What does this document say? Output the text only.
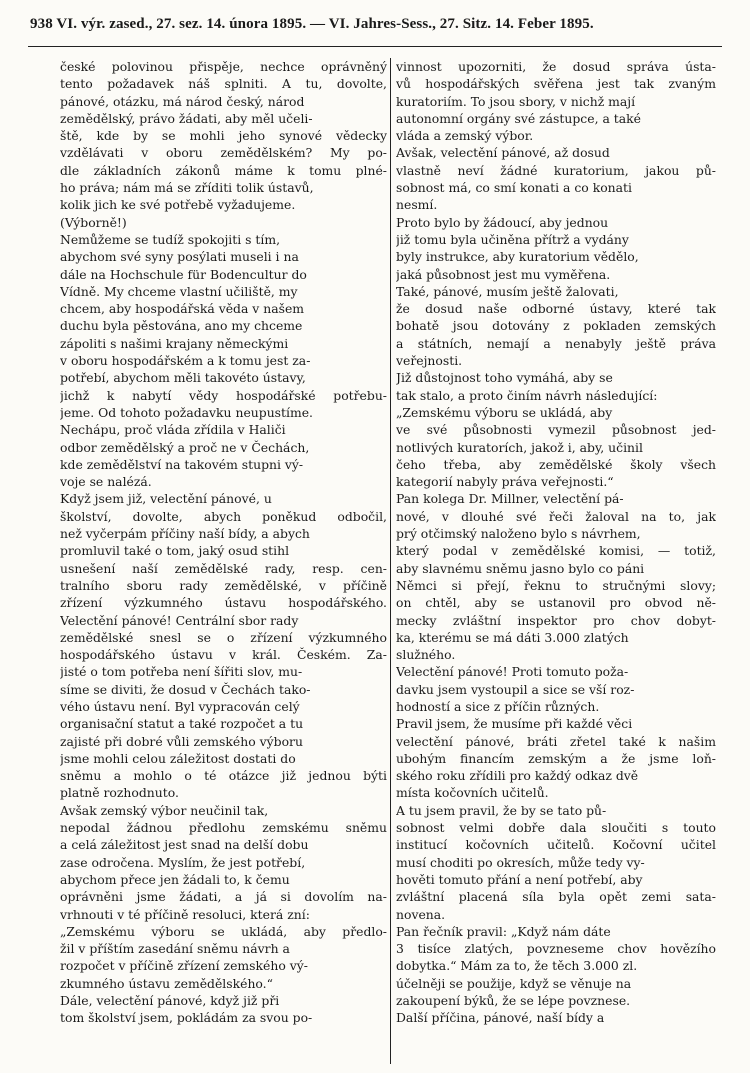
938 VI. výr. zased., 27. sez. 14. února 1895. — VI. Jahres-Sess., 27. Sitz. 14. Feber 1895.
české polovinou přispěje, nechce oprávněný
tento požadavek náš splniti. A tu, dovolte,
pánové, otázku, má národ český, národ
zemědělský, právo žádati, aby měl učeli-
ště, kde by se mohli jeho synové vědecky
vzdělávati v oboru zemědělském? My po-
dle základních zákonů máme k tomu plné-
ho práva; nám má se zříditi tolik ústavů,
kolik jich ke své potřebě vyžadujeme.
(Výborně!)
Nemůžeme se tudíž spokojiti s tím,
abychom své syny posýlati museli i na
dále na Hochschule für Bodencultur do
Vídně. My chceme vlastní učiliště, my
chcem, aby hospodářská věda v našem
duchu byla pěstována, ano my chceme
zápoliti s našimi krajany německými
v oboru hospodářském a k tomu jest za-
potřebí, abychom měli takovéto ústavy,
jichž k nabytí vědy hospodářské potřebu-
jeme. Od tohoto požadavku neupustíme.
Nechápu, proč vláda zřídila v Haliči
odbor zemědělský a proč ne v Čechách,
kde zemědělství na takovém stupni vý-
voje se nalézá.
Když jsem již, velectění pánové, u
školství, dovolte, abych poněkud odbočil,
než vyčerpám příčiny naší bídy, a abych
promluvil také o tom, jaký osud stihl
usnešení naší zemědělské rady, resp. cen-
tralního sboru rady zemědělské, v příčině
zřízení výzkumného ústavu hospodářského.
Velectění pánové! Centrální sbor rady
zemědělské snesl se o zřízení výzkumného
hospodářského ústavu v král. Českém. Za-
jisté o tom potřeba není šířiti slov, mu-
síme se diviti, že dosud v Čechách tako-
vého ústavu není. Byl vypracován celý
organisační statut a také rozpočet a tu
zajisté při dobré vůli zemského výboru
jsme mohli celou záležitost dostati do
sněmu a mohlo o té otázce již jednou býti
platně rozhodnuto.
Avšak zemský výbor neučinil tak,
nepodal žádnou předlohu zemskému sněmu
a celá záležitost jest snad na delší dobu
zase odročena. Myslím, že jest potřebí,
abychom přece jen žádali to, k čemu
oprávněni jsme žádati, a já si dovolím na-
vrhnouti v té příčině resoluci, která zní:
„Zemskému výboru se ukládá, aby předlo-
žil v příštím zasedání sněmu návrh a
rozpočet v příčině zřízení zemského vý-
zkumného ústavu zemědělského.“
Dále, velectění pánové, když již při
tom školství jsem, pokládám za svou po-
vinnost upozorniti, že dosud správa ústa-
vů hospodářských svěřena jest tak zvaným
kuratoriím. To jsou sbory, v nichž mají
autonomní orgány své zástupce, a také
vláda a zemský výbor.
Avšak, velectění pánové, až dosud
vlastně neví žádné kuratorium, jakou pů-
sobnost má, co smí konati a co konati
nesmí.
Proto bylo by žádoucí, aby jednou
již tomu byla učiněna přítrž a vydány
byly instrukce, aby kuratorium vědělo,
jaká působnost jest mu vyměřena.
Také, pánové, musím ještě žalovati,
že dosud naše odborné ústavy, které tak
bohatě jsou dotovány z pokladen zemských
a státních, nemají a nenabyly ještě práva
veřejnosti.
Již důstojnost toho vymáhá, aby se
tak stalo, a proto činím návrh následující:
„Zemskému výboru se ukládá, aby
ve své působnosti vymezil působnost jed-
notlivých kuratorích, jakož i, aby, učinil
čeho třeba, aby zemědělské školy všech
kategorií nabyly práva veřejnosti.“
Pan kolega Dr. Millner, velectění pá-
nové, v dlouhé své řeči žaloval na to, jak
prý otčimský naloženo bylo s návrhem,
který podal v zemědělské komisi, — totiž,
aby slavnému sněmu jasno bylo co páni
Němci si přejí, řeknu to stručnými slovy;
on chtěl, aby se ustanovil pro obvod ně-
mecky zvláštní inspektor pro chov dobyt-
ka, kterému se má dáti 3.000 zlatých
služného.
Velectění pánové! Proti tomuto poža-
davku jsem vystoupil a sice se vší roz-
hodností a sice z příčin různých.
Pravil jsem, že musíme při každé věci
velectění pánové, bráti zřetel také k našim
ubohým financím zemským a že jsme loň-
ského roku zřídili pro každý odkaz dvě
místa kočovních učitelů.
A tu jsem pravil, že by se tato pů-
sobnost velmi dobře dala sloučiti s touto
institucí kočovních učitelů. Kočovní učitel
musí choditi po okresích, může tedy vy-
hověti tomuto přání a není potřebí, aby
zvláštní placená síla byla opět zemi sata-
novena.
Pan řečník pravil: „Když nám dáte
3 tisíce zlatých, povzneseme chov hovězího
dobytka.“ Mám za to, že těch 3.000 zl.
účelněji se použije, když se věnuje na
zakoupení býků, že se lépe povznese.
Další příčina, pánové, naší bídy a
